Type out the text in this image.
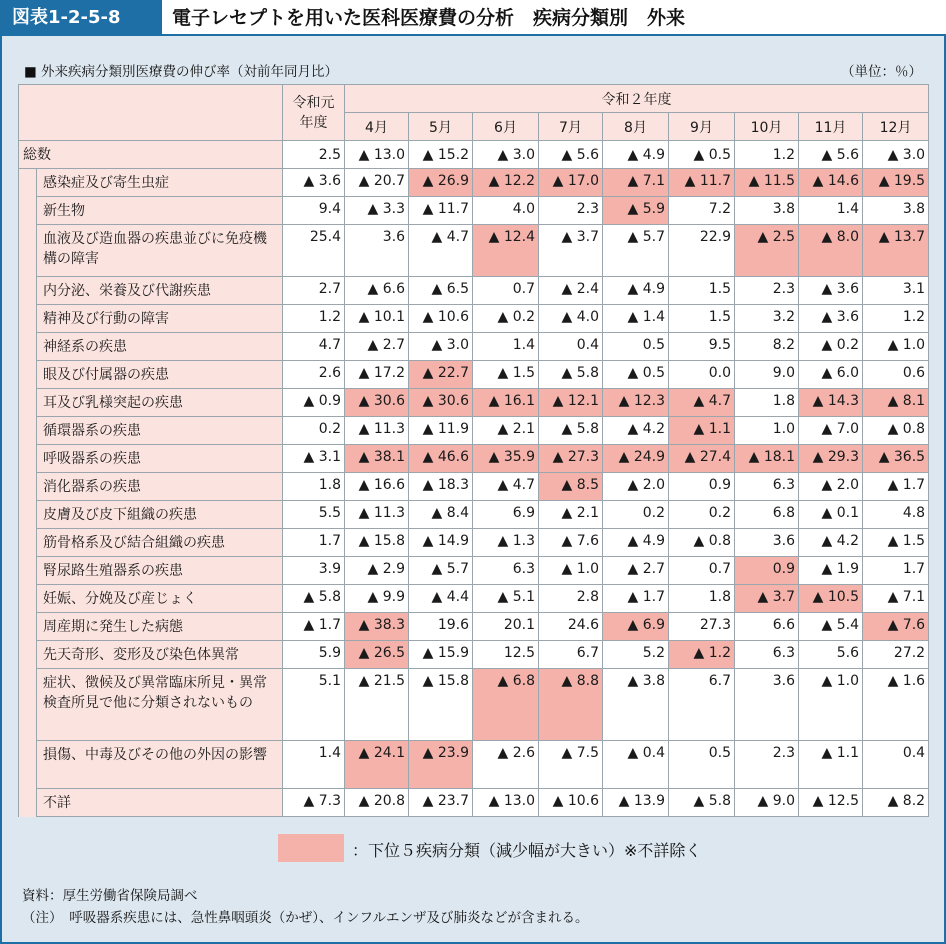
図表1-2-5-8	電子レセプトを用いた医科医療費の分析　疾病分類別　外来
■ 外来疾病分類別医療費の伸び率（対前年同月比）	（単位：％）
		令和元年度	令和２年度								
			4月	5月	6月	7月	8月	9月	10月	11月	12月
総数		2.5	▲ 13.0	▲ 15.2	▲ 3.0	▲ 5.6	▲ 4.9	▲ 0.5	1.2	▲ 5.6	▲ 3.0
	感染症及び寄生虫症	▲ 3.6	▲ 20.7	▲ 26.9	▲ 12.2	▲ 17.0	▲ 7.1	▲ 11.7	▲ 11.5	▲ 14.6	▲ 19.5
	新生物	9.4	▲ 3.3	▲ 11.7	4.0	2.3	▲ 5.9	7.2	3.8	1.4	3.8
	血液及び造血器の疾患並びに免疫機構の障害	25.4	3.6	▲ 4.7	▲ 12.4	▲ 3.7	▲ 5.7	22.9	▲ 2.5	▲ 8.0	▲ 13.7
	内分泌、栄養及び代謝疾患	2.7	▲ 6.6	▲ 6.5	0.7	▲ 2.4	▲ 4.9	1.5	2.3	▲ 3.6	3.1
	精神及び行動の障害	1.2	▲ 10.1	▲ 10.6	▲ 0.2	▲ 4.0	▲ 1.4	1.5	3.2	▲ 3.6	1.2
	神経系の疾患	4.7	▲ 2.7	▲ 3.0	1.4	0.4	0.5	9.5	8.2	▲ 0.2	▲ 1.0
	眼及び付属器の疾患	2.6	▲ 17.2	▲ 22.7	▲ 1.5	▲ 5.8	▲ 0.5	0.0	9.0	▲ 6.0	0.6
	耳及び乳様突起の疾患	▲ 0.9	▲ 30.6	▲ 30.6	▲ 16.1	▲ 12.1	▲ 12.3	▲ 4.7	1.8	▲ 14.3	▲ 8.1
	循環器系の疾患	0.2	▲ 11.3	▲ 11.9	▲ 2.1	▲ 5.8	▲ 4.2	▲ 1.1	1.0	▲ 7.0	▲ 0.8
	呼吸器系の疾患	▲ 3.1	▲ 38.1	▲ 46.6	▲ 35.9	▲ 27.3	▲ 24.9	▲ 27.4	▲ 18.1	▲ 29.3	▲ 36.5
	消化器系の疾患	1.8	▲ 16.6	▲ 18.3	▲ 4.7	▲ 8.5	▲ 2.0	0.9	6.3	▲ 2.0	▲ 1.7
	皮膚及び皮下組織の疾患	5.5	▲ 11.3	▲ 8.4	6.9	▲ 2.1	0.2	0.2	6.8	▲ 0.1	4.8
	筋骨格系及び結合組織の疾患	1.7	▲ 15.8	▲ 14.9	▲ 1.3	▲ 7.6	▲ 4.9	▲ 0.8	3.6	▲ 4.2	▲ 1.5
	腎尿路生殖器系の疾患	3.9	▲ 2.9	▲ 5.7	6.3	▲ 1.0	▲ 2.7	0.7	0.9	▲ 1.9	1.7
	妊娠、分娩及び産じょく	▲ 5.8	▲ 9.9	▲ 4.4	▲ 5.1	2.8	▲ 1.7	1.8	▲ 3.7	▲ 10.5	▲ 7.1
	周産期に発生した病態	▲ 1.7	▲ 38.3	19.6	20.1	24.6	▲ 6.9	27.3	6.6	▲ 5.4	▲ 7.6
	先天奇形、変形及び染色体異常	5.9	▲ 26.5	▲ 15.9	12.5	6.7	5.2	▲ 1.2	6.3	5.6	27.2
	症状、徴候及び異常臨床所見・異常検査所見で他に分類されないもの	5.1	▲ 21.5	▲ 15.8	▲ 6.8	▲ 8.8	▲ 3.8	6.7	3.6	▲ 1.0	▲ 1.6
	損傷、中毒及びその他の外因の影響	1.4	▲ 24.1	▲ 23.9	▲ 2.6	▲ 7.5	▲ 0.4	0.5	2.3	▲ 1.1	0.4
	不詳	▲ 7.3	▲ 20.8	▲ 23.7	▲ 13.0	▲ 10.6	▲ 13.9	▲ 5.8	▲ 9.0	▲ 12.5	▲ 8.2
：下位５疾病分類（減少幅が大きい）※不詳除く
資料：厚生労働省保険局調べ
（注）　呼吸器系疾患には、急性鼻咽頭炎（かぜ）、インフルエンザ及び肺炎などが含まれる。
